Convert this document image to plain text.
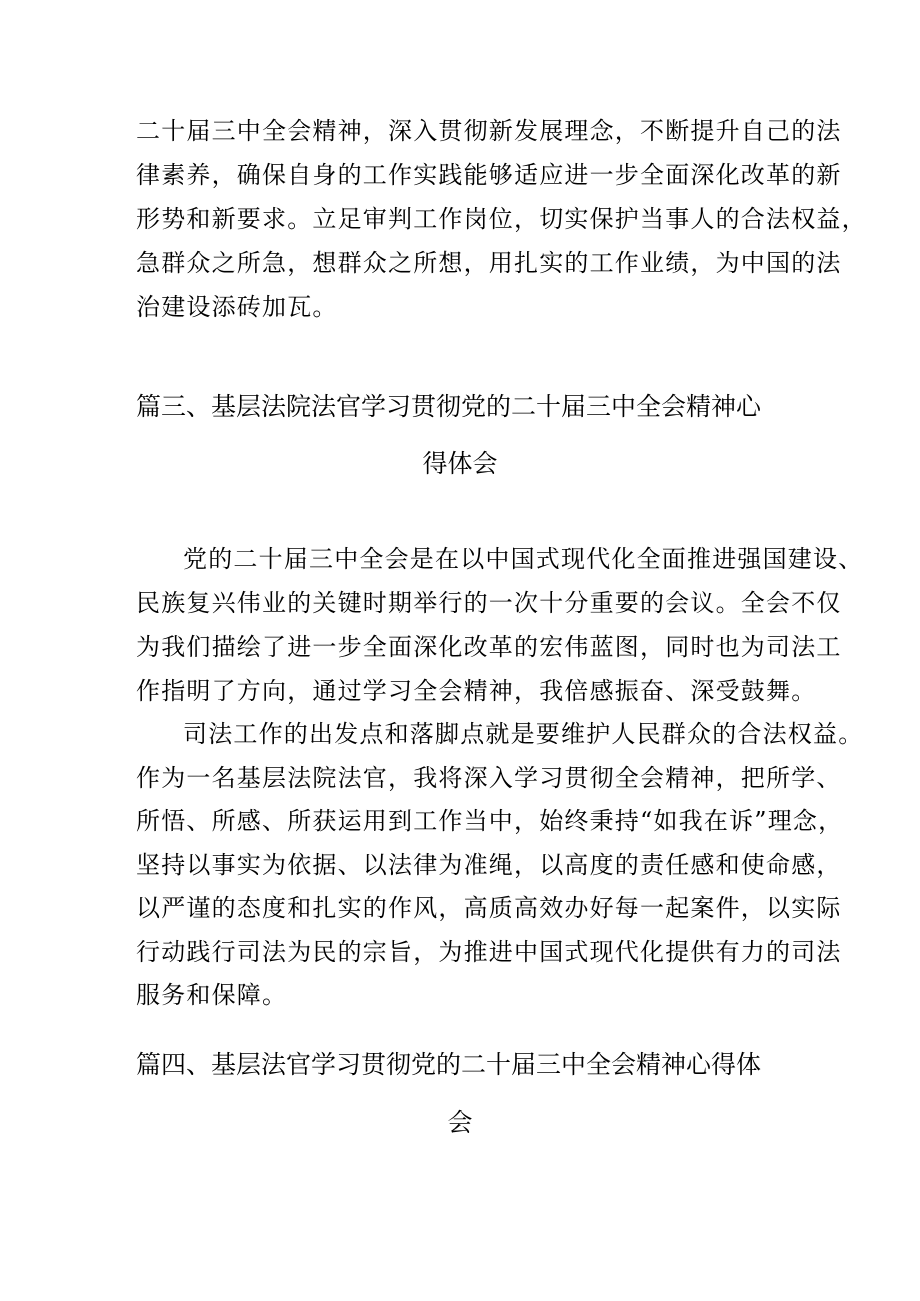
二十届三中全会精神，深入贯彻新发展理念，不断提升自己的法
律素养，确保自身的工作实践能够适应进一步全面深化改革的新
形势和新要求。立足审判工作岗位，切实保护当事人的合法权益，
急群众之所急，想群众之所想，用扎实的工作业绩，为中国的法
治建设添砖加瓦。
篇三、基层法院法官学习贯彻党的二十届三中全会精神心
得体会
党的二十届三中全会是在以中国式现代化全面推进强国建设、
民族复兴伟业的关键时期举行的一次十分重要的会议。全会不仅
为我们描绘了进一步全面深化改革的宏伟蓝图，同时也为司法工
作指明了方向，通过学习全会精神，我倍感振奋、深受鼓舞。
司法工作的出发点和落脚点就是要维护人民群众的合法权益。
作为一名基层法院法官，我将深入学习贯彻全会精神，把所学、
所悟、所感、所获运用到工作当中，始终秉持“如我在诉”理念，
坚持以事实为依据、以法律为准绳，以高度的责任感和使命感，
以严谨的态度和扎实的作风，高质高效办好每一起案件，以实际
行动践行司法为民的宗旨，为推进中国式现代化提供有力的司法
服务和保障。
篇四、基层法官学习贯彻党的二十届三中全会精神心得体
会
